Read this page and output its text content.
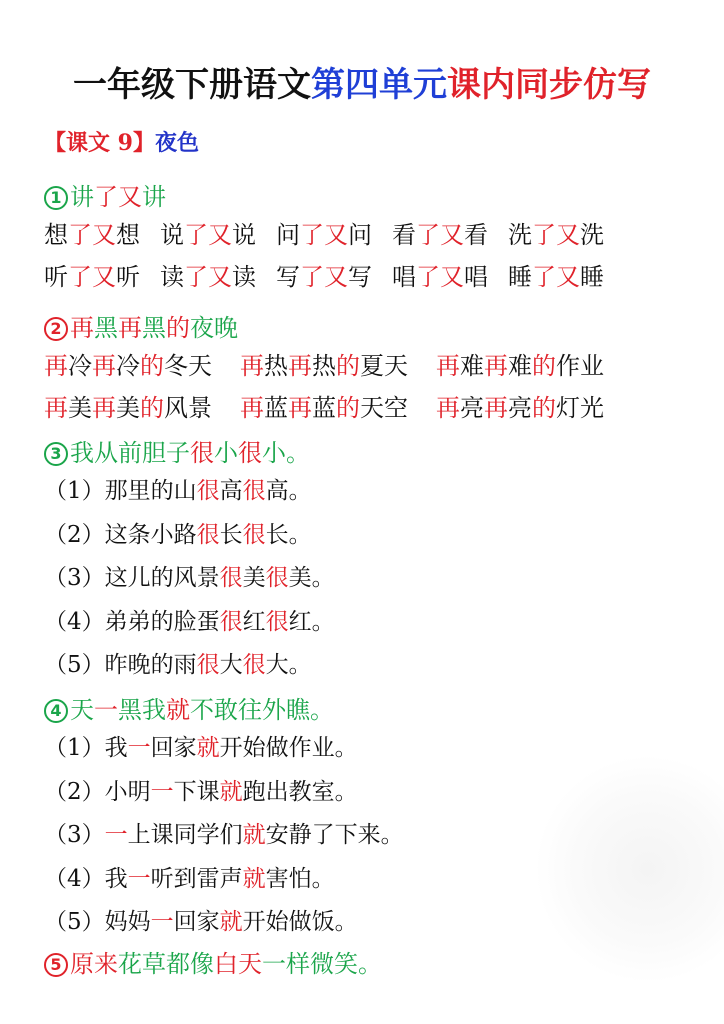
一年级下册语文第四单元课内同步仿写
【课文 9】夜色
1 讲了又讲
想了又想 说了又说 问了又问 看了又看 洗了又洗
听了又听 读了又读 写了又写 唱了又唱 睡了又睡
2 再黑再黑的夜晚
再冷再冷的冬天 再热再热的夏天 再难再难的作业
再美再美的风景 再蓝再蓝的天空 再亮再亮的灯光
3 我从前胆子很小很小。
（1）那里的山很高很高。
（2）这条小路很长很长。
（3）这儿的风景很美很美。
（4）弟弟的脸蛋很红很红。
（5）昨晚的雨很大很大。
4 天一黑我就不敢往外瞧。
（1）我一回家就开始做作业。
（2）小明一下课就跑出教室。
（3）一上课同学们就安静了下来。
（4）我一听到雷声就害怕。
（5）妈妈一回家就开始做饭。
5 原来花草都像白天一样微笑。
